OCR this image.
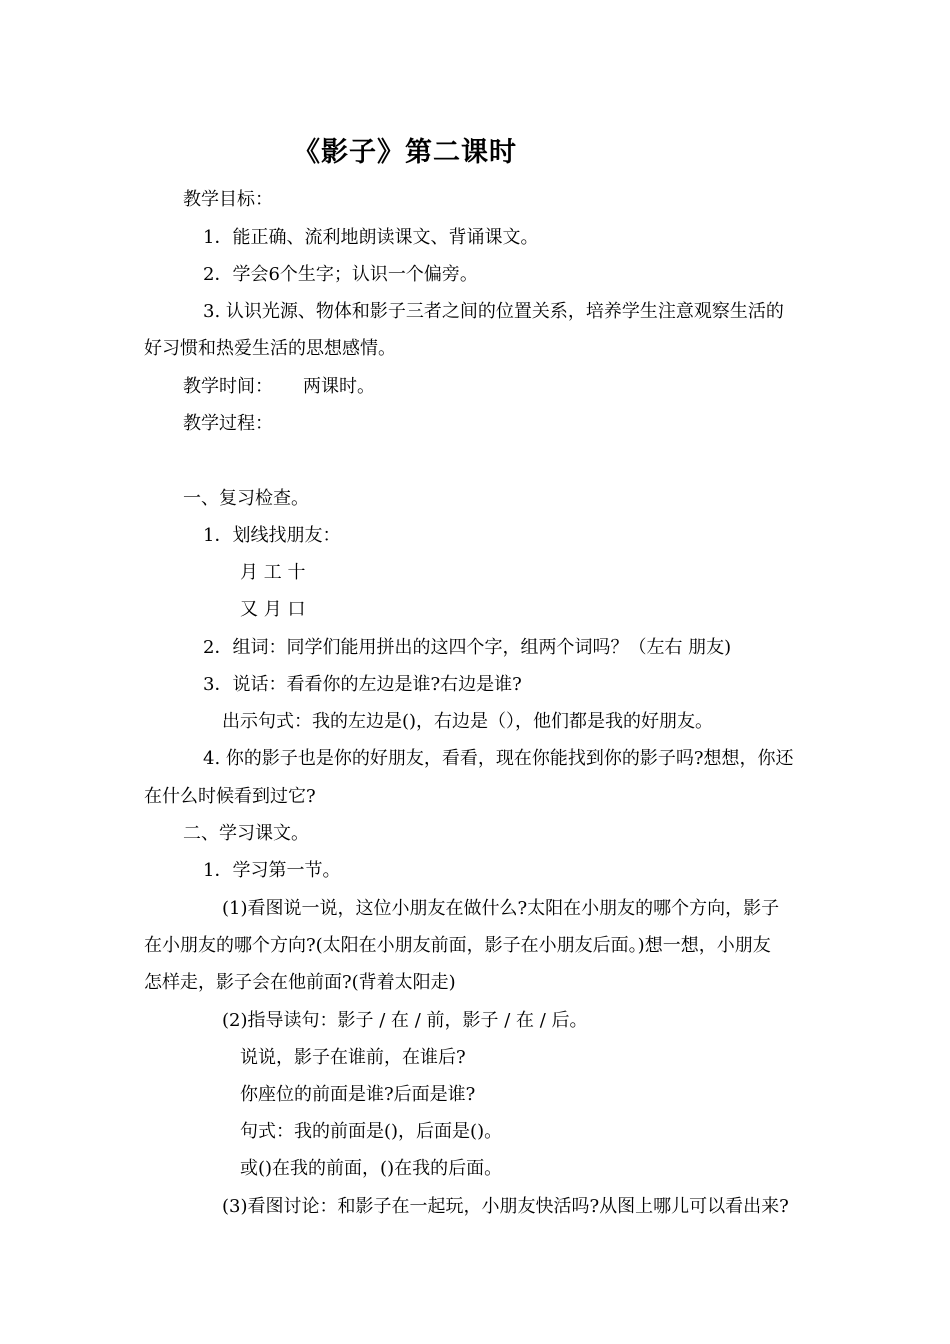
《影子》第二课时
教学目标：
1．能正确、流利地朗读课文、背诵课文。
2．学会6个生字；认识一个偏旁。
3. 认识光源、物体和影子三者之间的位置关系，培养学生注意观察生活的
好习惯和热爱生活的思想感情。
教学时间： 两课时。
教学过程：
一、复习检查。
1．划线找朋友：
月 工 十
又 月 口
2．组词：同学们能用拼出的这四个字，组两个词吗？（左右 朋友)
3．说话：看看你的左边是谁?右边是谁?
出示句式：我的左边是()，右边是（），他们都是我的好朋友。
4. 你的影子也是你的好朋友，看看，现在你能找到你的影子吗?想想，你还
在什么时候看到过它?
二、学习课文。
1．学习第一节。
(1)看图说一说，这位小朋友在做什么?太阳在小朋友的哪个方向，影子
在小朋友的哪个方向?(太阳在小朋友前面，影子在小朋友后面。)想一想，小朋友
怎样走，影子会在他前面?(背着太阳走)
(2)指导读句：影子 / 在 / 前，影子 / 在 / 后。
说说，影子在谁前，在谁后?
你座位的前面是谁?后面是谁?
句式：我的前面是()，后面是()。
或()在我的前面，()在我的后面。
(3)看图讨论：和影子在一起玩，小朋友快活吗?从图上哪儿可以看出来?
